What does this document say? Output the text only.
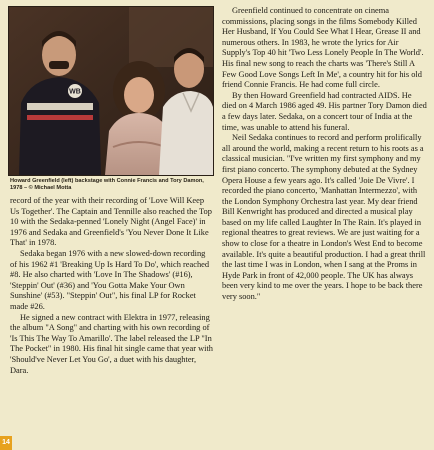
WB
Howard Greenfield (left) backstage with Connie Francis and Tory Damon, 1978 – © Michael Motta

record of the year with their recording of 'Love Will Keep Us Together'. The Captain and Tennille also reached the Top 10 with the Sedaka-penned 'Lonely Night (Angel Face)' in 1976 and Sedaka and Greenfield's 'You Never Done It Like That' in 1978.

Sedaka began 1976 with a new slowed-down recording of his 1962 #1 'Breaking Up Is Hard To Do', which reached #8. He also charted with 'Love In The Shadows' (#16), 'Steppin' Out' (#36) and 'You Gotta Make Your Own Sunshine' (#53). "Steppin' Out", his final LP for Rocket made #26.

He signed a new contract with Elektra in 1977, releasing the album "A Song" and charting with his own recording of 'Is This The Way To Amarillo'. The label released the LP "In The Pocket" in 1980. His final hit single came that year with 'Should've Never Let You Go', a duet with his daughter, Dara.

Greenfield continued to concentrate on cinema commissions, placing songs in the films Somebody Killed Her Husband, If You Could See What I Hear, Grease II and numerous others. In 1983, he wrote the lyrics for Air Supply's Top 40 hit 'Two Less Lonely People In The World'. His final new song to reach the charts was 'There's Still A Few Good Love Songs Left In Me', a country hit for his old friend Connie Francis. He had come full circle.

By then Howard Greenfield had contracted AIDS. He died on 4 March 1986 aged 49. His partner Tory Damon died a few days later. Sedaka, on a concert tour of India at the time, was unable to attend his funeral.

Neil Sedaka continues to record and perform prolifically all around the world, making a recent return to his roots as a classical musician. "I've written my first symphony and my first piano concerto. The symphony debuted at the Sydney Opera House a few years ago. It's called 'Joie De Vivre'. I recorded the piano concerto, 'Manhattan Intermezzo', with the London Symphony Orchestra last year. My dear friend Bill Kenwright has produced and directed a musical play based on my life called Laughter In The Rain. It's played in regional theatres to great reviews. We are just waiting for a show to close for a theatre in London's West End to become available. It's quite a beautiful production. I had a great thrill the last time I was in London, when I sang at the Proms in Hyde Park in front of 42,000 people. The UK has always been very kind to me over the years. I hope to be back there very soon."

14
